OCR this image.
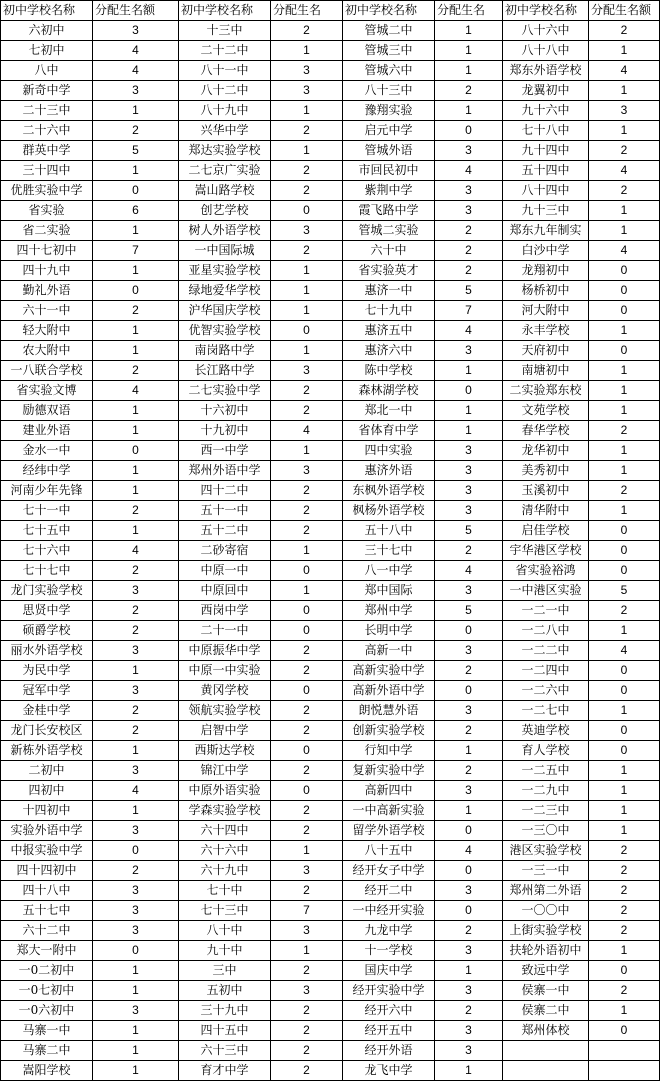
初中学校名称	分配生名额	初中学校名称	分配生名	初中学校名称	分配生名	初中学校名称	分配生名额
六初中	3	十三中	2	管城二中	1	八十六中	2
七初中	4	二十二中	1	管城三中	1	八十八中	1
八中	4	八十一中	3	管城六中	1	郑东外语学校	4
新奇中学	3	八十二中	3	八十三中	2	龙翼初中	1
二十三中	1	八十九中	1	豫翔实验	1	九十六中	3
二十六中	2	兴华中学	2	启元中学	0	七十八中	1
群英中学	5	郑达实验学校	1	管城外语	3	九十四中	2
三十四中	1	二七京广实验	2	市回民初中	4	五十四中	4
优胜实验中学	0	嵩山路学校	2	紫荆中学	3	八十四中	2
省实验	6	创艺学校	0	霞飞路中学	3	九十三中	1
省二实验	1	树人外语学校	3	管城二实验	2	郑东九年制实	1
四十七初中	7	一中国际城	2	六十中	2	白沙中学	4
四十九中	1	亚星实验学校	1	省实验英才	2	龙翔初中	0
勤礼外语	0	绿地爱华学校	1	惠济一中	5	杨桥初中	0
六十一中	2	沪华国庆学校	1	七十九中	7	河大附中	0
轻大附中	1	优智实验学校	0	惠济五中	4	永丰学校	1
农大附中	1	南岗路中学	1	惠济六中	3	天府初中	0
一八联合学校	2	长江路中学	3	陈中学校	1	南塘初中	1
省实验文博	4	二七实验中学	2	森林湖学校	0	二实验郑东校	1
励德双语	1	十六初中	2	郑北一中	1	文苑学校	1
建业外语	1	十九初中	4	省体育中学	1	春华学校	2
金水一中	0	西一中学	1	四中实验	3	龙华初中	1
经纬中学	1	郑州外语中学	3	惠济外语	3	美秀初中	1
河南少年先锋	1	四十二中	2	东枫外语学校	3	玉溪初中	2
七十一中	2	五十一中	2	枫杨外语学校	3	清华附中	1
七十五中	1	五十二中	2	五十八中	5	启佳学校	0
七十六中	4	二砂寄宿	1	三十七中	2	宇华港区学校	0
七十七中	2	中原一中	0	八一中学	4	省实验裕鸿	0
龙门实验学校	3	中原回中	1	郑中国际	3	一中港区实验	5
思贤中学	2	西岗中学	0	郑州中学	5	一二一中	2
硕爵学校	2	二十一中	0	长明中学	0	一二八中	1
丽水外语学校	3	中原振华中学	2	高新一中	3	一二二中	4
为民中学	1	中原一中实验	2	高新实验中学	2	一二四中	0
冠军中学	3	黄冈学校	0	高新外语中学	0	一二六中	0
金桂中学	2	领航实验学校	2	朗悦慧外语	3	一二七中	1
龙门长安校区	2	启智中学	2	创新实验学校	2	英迪学校	0
新栋外语学校	1	西斯达学校	0	行知中学	1	育人学校	0
二初中	3	锦江中学	2	复新实验中学	2	一二五中	1
四初中	4	中原外语实验	0	高新四中	3	一二九中	1
十四初中	1	学森实验学校	2	一中高新实验	1	一二三中	1
实验外语中学	3	六十四中	2	留学外语学校	0	一三〇中	1
中报实验中学	0	六十六中	1	八十五中	4	港区实验学校	2
四十四初中	2	六十九中	3	经开女子中学	0	一三一中	2
四十八中	3	七十中	2	经开二中	3	郑州第二外语	2
五十七中	3	七十三中	7	一中经开实验	0	一〇〇中	2
六十二中	3	八十中	3	九龙中学	2	上街实验学校	2
郑大一附中	0	九十中	1	十一学校	3	扶轮外语初中	1
一0二初中	1	三中	2	国庆中学	1	致远中学	0
一0七初中	1	五初中	3	经开实验中学	3	侯寨一中	2
一0六初中	3	三十九中	2	经开六中	2	侯寨二中	1
马寨一中	1	四十五中	2	经开五中	3	郑州体校	0
马寨二中	1	六十三中	2	经开外语	3		
嵩阳学校	1	育才中学	2	龙飞中学	1		
